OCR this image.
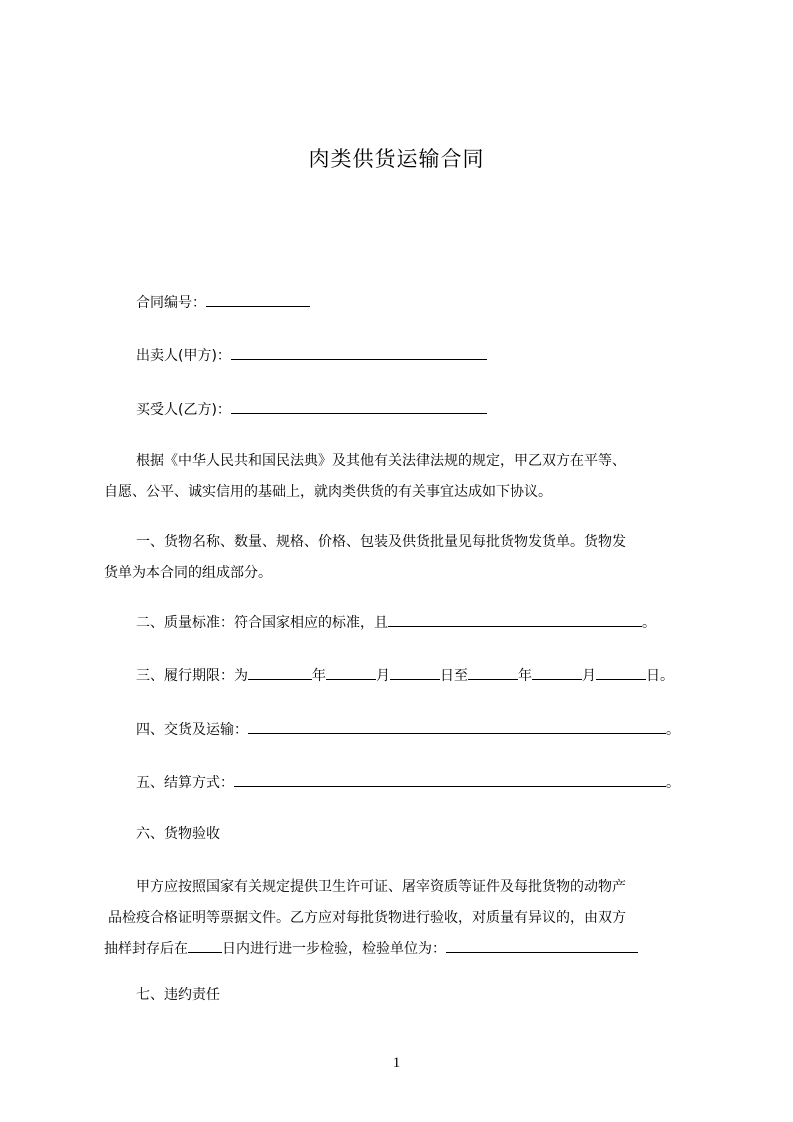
肉类供货运输合同
合同编号：
出卖人(甲方)：
买受人(乙方)：
根据《中华人民共和国民法典》及其他有关法律法规的规定，甲乙双方在平等、
自愿、公平、诚实信用的基础上，就肉类供货的有关事宜达成如下协议。
一、货物名称、数量、规格、价格、包装及供货批量见每批货物发货单。货物发
货单为本合同的组成部分。
二、质量标准：符合国家相应的标准，且	。
三、履行期限：为	年	月	日至	年	月	日。
四、交货及运输：	。
五、结算方式：	。
六、货物验收
甲方应按照国家有关规定提供卫生许可证、屠宰资质等证件及每批货物的动物产
品检疫合格证明等票据文件。乙方应对每批货物进行验收，对质量有异议的，由双方
抽样封存后在 日内进行进一步检验，检验单位为：
七、违约责任
1
